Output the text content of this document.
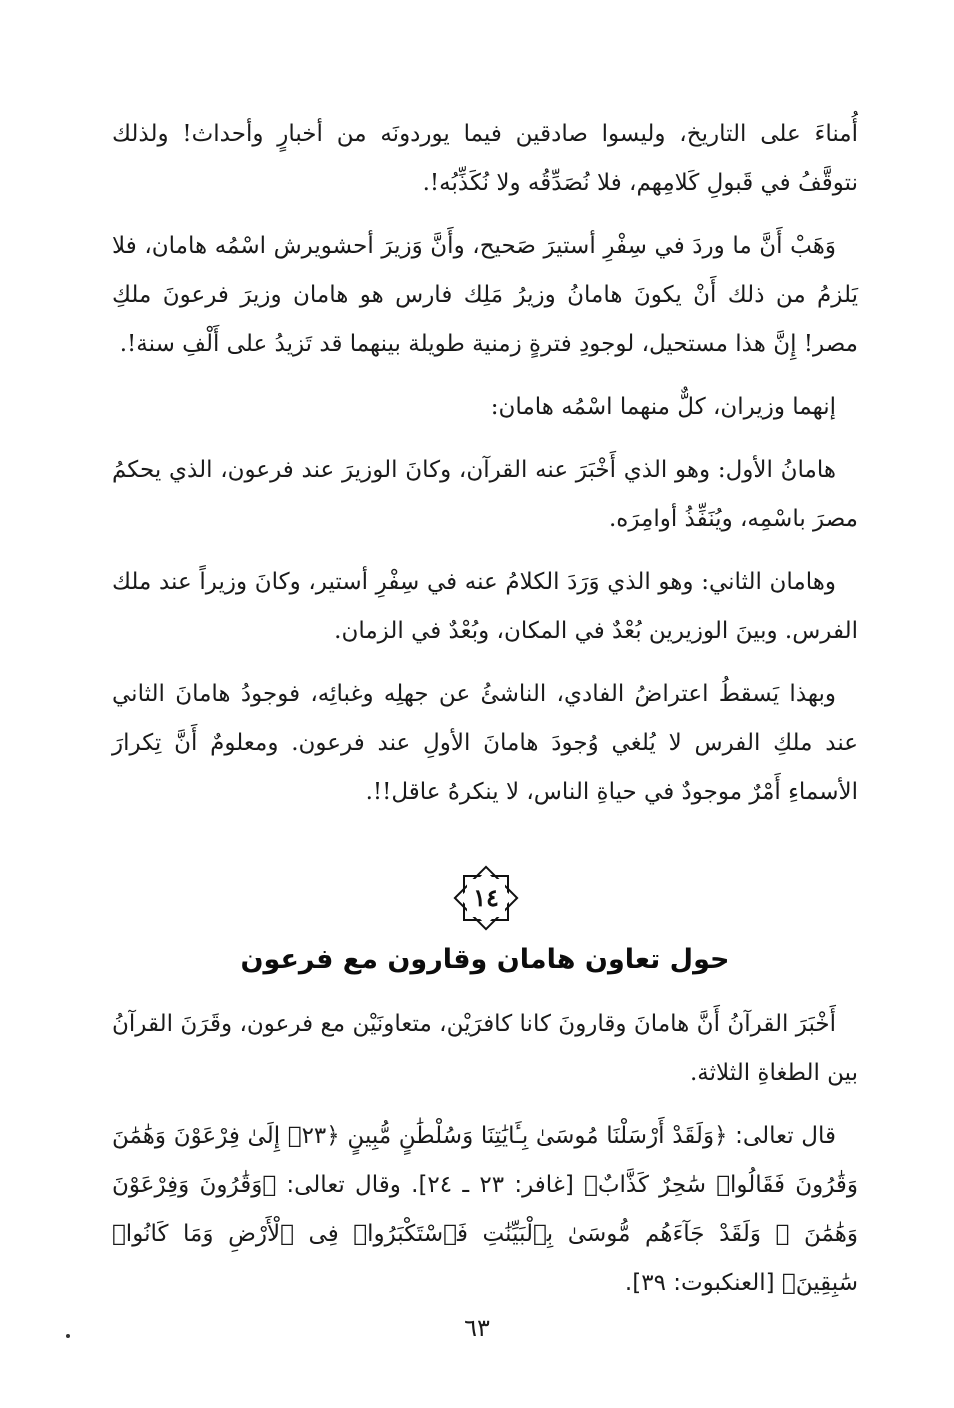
أُمناءَ على التاريخ، وليسوا صادقين فيما يوردونَه من أخبارٍ وأحداث! ولذلك نتوقَّفُ في قَبولِ كَلامِهم، فلا نُصَدِّقُه ولا نُكَذِّبُه!.

وَهَبْ أَنَّ ما وردَ في سِفْرِ أستيرَ صَحيح، وأَنَّ وَزيرَ أحشويرش اسْمُه هامان، فلا يَلزمُ من ذلك أَنْ يكونَ هامانُ وزيرُ مَلِك فارس هو هامان وزيرَ فرعونَ ملكِ مصر! إِنَّ هذا مستحيل، لوجودِ فترةٍ زمنية طويلة بينهما قد تَزيدُ على أَلْفِ سنة!.

إنهما وزيران، كلٌّ منهما اسْمُه هامان:

هامانُ الأول: وهو الذي أَخْبَرَ عنه القرآن، وكانَ الوزيرَ عند فرعون، الذي يحكمُ مصرَ باسْمِه، ويُنَفِّذُ أوامِرَه.

وهامان الثاني: وهو الذي وَرَدَ الكلامُ عنه في سِفْرِ أستير، وكانَ وزيراً عند ملك الفرس. وبينَ الوزيرين بُعْدٌ في المكان، وبُعْدٌ في الزمان.

وبهذا يَسقطُ اعتراضُ الفادي، الناشئُ عن جهلِه وغبائِه، فوجودُ هامانَ الثاني عند ملكِ الفرس لا يُلغي وُجودَ هامانَ الأولِ عند فرعون. ومعلومٌ أَنَّ تِكرارَ الأسماءِ أَمْرٌ موجودٌ في حياةِ الناس، لا ينكرهُ عاقل!!.

١٤
حول تعاون هامان وقارون مع فرعون

أَخْبَرَ القرآنُ أَنَّ هامانَ وقارونَ كانا كافرَيْن، متعاونَيْن مع فرعون، وقَرَنَ القرآنُ بين الطغاةِ الثلاثة.

قال تعالى: ﴿وَلَقَدْ أَرْسَلْنَا مُوسَىٰ بِـَٔايَٰتِنَا وَسُلْطَٰنٍ مُّبِينٍ ﴿٢٣﴾ إِلَىٰ فِرْعَوْنَ وَهَٰمَٰنَ وَقَٰرُونَ فَقَالُوا۟ سَٰحِرٌ كَذَّابٌ﴾ [غافر: ٢٣ ـ ٢٤]. وقال تعالى: ﴿وَقَٰرُونَ وَفِرْعَوْنَ وَهَٰمَٰنَ ۖ وَلَقَدْ جَآءَهُم مُّوسَىٰ بِٱلْبَيِّنَٰتِ فَٱسْتَكْبَرُوا۟ فِى ٱلْأَرْضِ وَمَا كَانُوا۟ سَٰبِقِينَ﴾ [العنكبوت: ٣٩].

٦٣
